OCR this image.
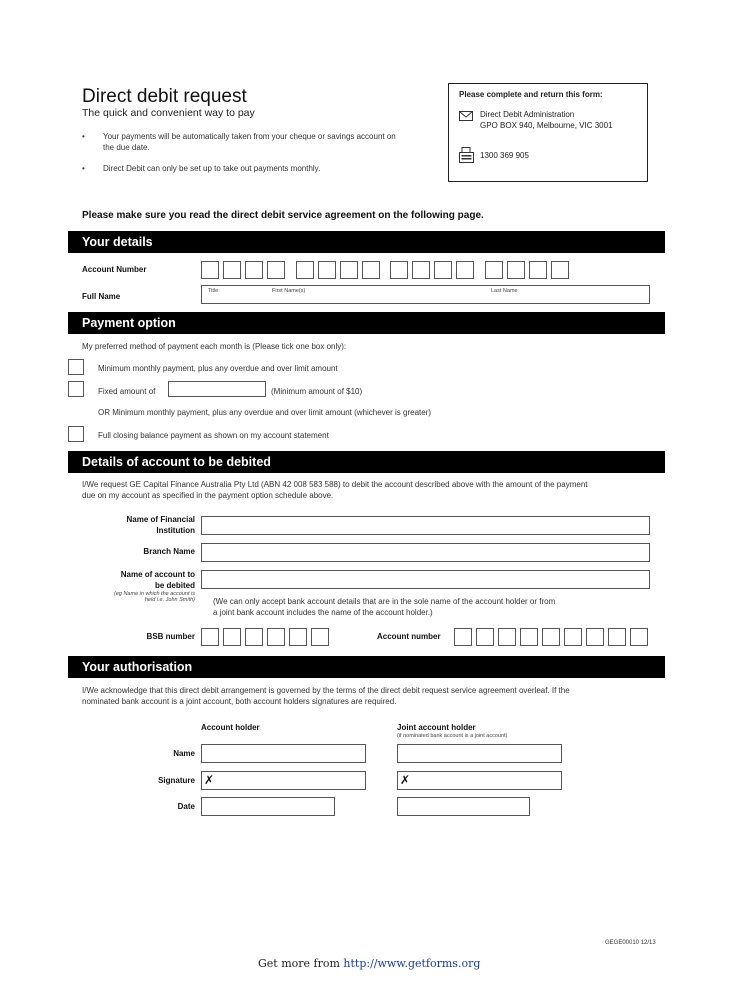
Direct debit request
The quick and convenient way to pay
• Your payments will be automatically taken from your cheque or savings account on the due date.
• Direct Debit can only be set up to take out payments monthly.
Please complete and return this form:
Direct Debit Administration
GPO BOX 940, Melbourne, VIC 3001
1300 369 905
Please make sure you read the direct debit service agreement on the following page.
Your details
Account Number
Full Name
Title	First Name(s)	Last Name
Payment option
My preferred method of payment each month is (Please tick one box only):
Minimum monthly payment, plus any overdue and over limit amount
Fixed amount of	(Minimum amount of $10)
OR Minimum monthly payment, plus any overdue and over limit amount (whichever is greater)
Full closing balance payment as shown on my account statement
Details of account to be debited
I/We request GE Capital Finance Australia Pty Ltd (ABN 42 008 583 588) to debit the account described above with the amount of the payment
due on my account as specified in the payment option schedule above.
Name of Financial
Institution
Branch Name
Name of account to
be debited
(eg Name in which the account is
held i.e. John Smith) (We can only accept bank account details that are in the sole name of the account holder or from
a joint bank account includes the name of the account holder.)
BSB number	Account number
Your authorisation
I/We acknowledge that this direct debit arrangement is governed by the terms of the direct debit request service agreement overleaf. If the
nominated bank account is a joint account, both account holders signatures are required.
Account holder	Joint account holder
(if nominated bank account is a joint account)
Name
Signature ✗	✗
Date
GEGE00010 12/13
Get more from http://www.getforms.org
